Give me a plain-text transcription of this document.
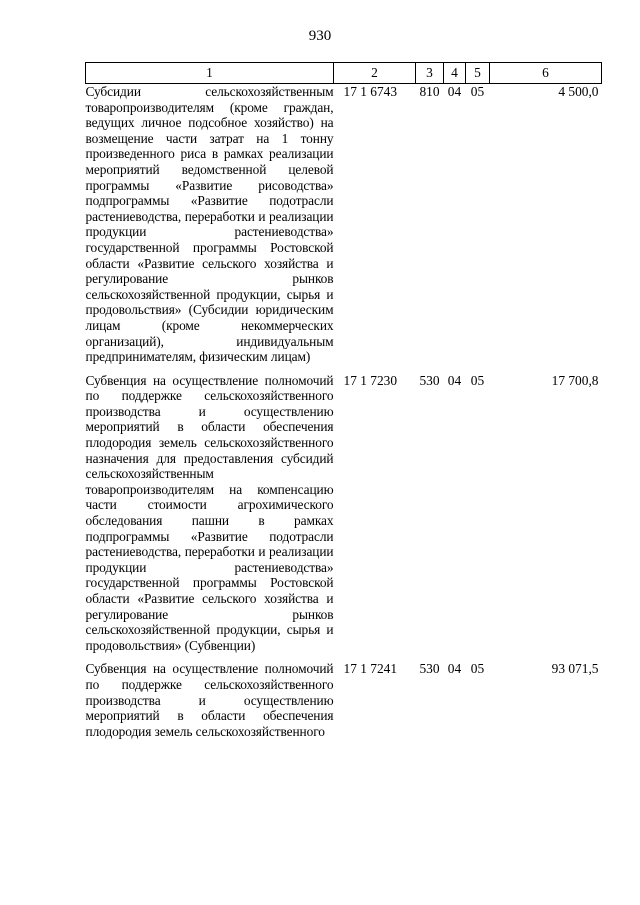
930
1	2	3	4	5	6
Субсидии сельскохозяйственным товаропроизводителям (кроме граждан, ведущих личное подсобное хозяйство) на возмещение части затрат на 1 тонну произведенного риса в рамках реализации мероприятий ведомственной целевой программы «Развитие рисоводства» подпрограммы «Развитие подотрасли растениеводства, переработки и реализации продукции растениеводства» государственной программы Ростовской области «Развитие сельского хозяйства и регулирование рынков сельскохозяйственной продукции, сырья и продовольствия» (Субсидии юридическим лицам (кроме некоммерческих организаций), индивидуальным предпринимателям, физическим лицам)	17 1 6743	810	04	05	4 500,0
Субвенция на осуществление полномочий по поддержке сельскохозяйственного производства и осуществлению мероприятий в области обеспечения плодородия земель сельскохозяйственного назначения для предоставления субсидий сельскохозяйственным товаропроизводителям на компенсацию части стоимости агрохимического обследования пашни в рамках подпрограммы «Развитие подотрасли растениеводства, переработки и реализации продукции растениеводства» государственной программы Ростовской области «Развитие сельского хозяйства и регулирование рынков сельскохозяйственной продукции, сырья и продовольствия» (Субвенции)	17 1 7230	530	04	05	17 700,8
Субвенция на осуществление полномочий по поддержке сельскохозяйственного производства и осуществлению мероприятий в области обеспечения плодородия земель сельскохозяйственного	17 1 7241	530	04	05	93 071,5
